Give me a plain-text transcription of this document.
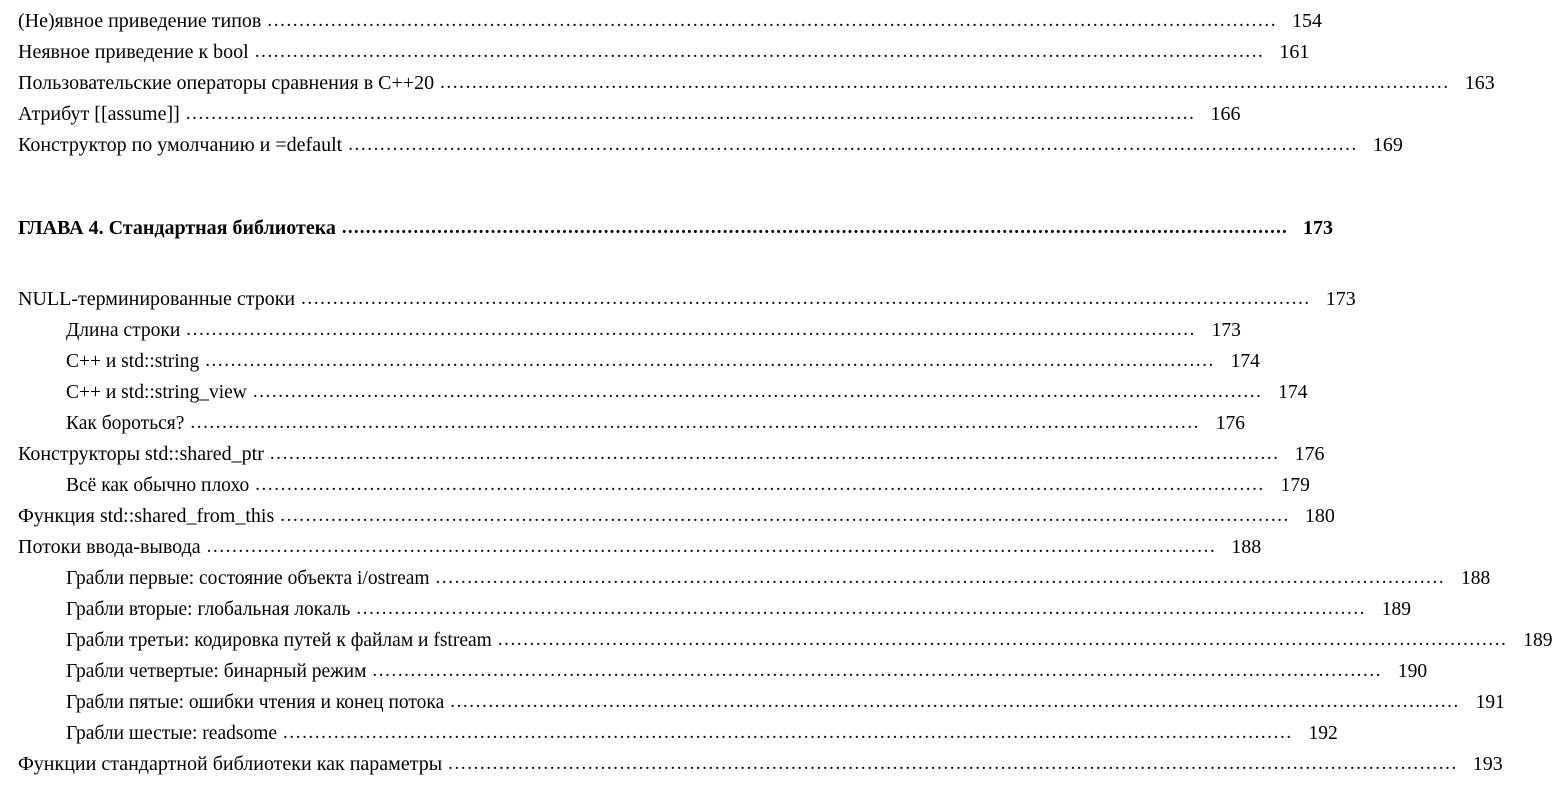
(Не)явное приведение типов ............................................................................................................................................................... 154
Неявное приведение к bool ............................................................................................................................................................... 161
Пользовательские операторы сравнения в C++20 ............................................................................................................................................................... 163
Атрибут [[assume]] ............................................................................................................................................................... 166
Конструктор по умолчанию и =default ............................................................................................................................................................... 169
ГЛАВА 4. Стандартная библиотека ............................................................................................................................................................... 173
NULL-терминированные строки ............................................................................................................................................................... 173
Длина строки ............................................................................................................................................................... 173
C++ и std::string ............................................................................................................................................................... 174
C++ и std::string_view ............................................................................................................................................................... 174
Как бороться? ............................................................................................................................................................... 176
Конструкторы std::shared_ptr ............................................................................................................................................................... 176
Всё как обычно плохо ............................................................................................................................................................... 179
Функция std::shared_from_this ............................................................................................................................................................... 180
Потоки ввода-вывода ............................................................................................................................................................... 188
Грабли первые: состояние объекта i/ostream ............................................................................................................................................................... 188
Грабли вторые: глобальная локаль ............................................................................................................................................................... 189
Грабли третьи: кодировка путей к файлам и fstream ............................................................................................................................................................... 189
Грабли четвертые: бинарный режим ............................................................................................................................................................... 190
Грабли пятые: ошибки чтения и конец потока ............................................................................................................................................................... 191
Грабли шестые: readsome ............................................................................................................................................................... 192
Функции стандартной библиотеки как параметры ............................................................................................................................................................... 193
